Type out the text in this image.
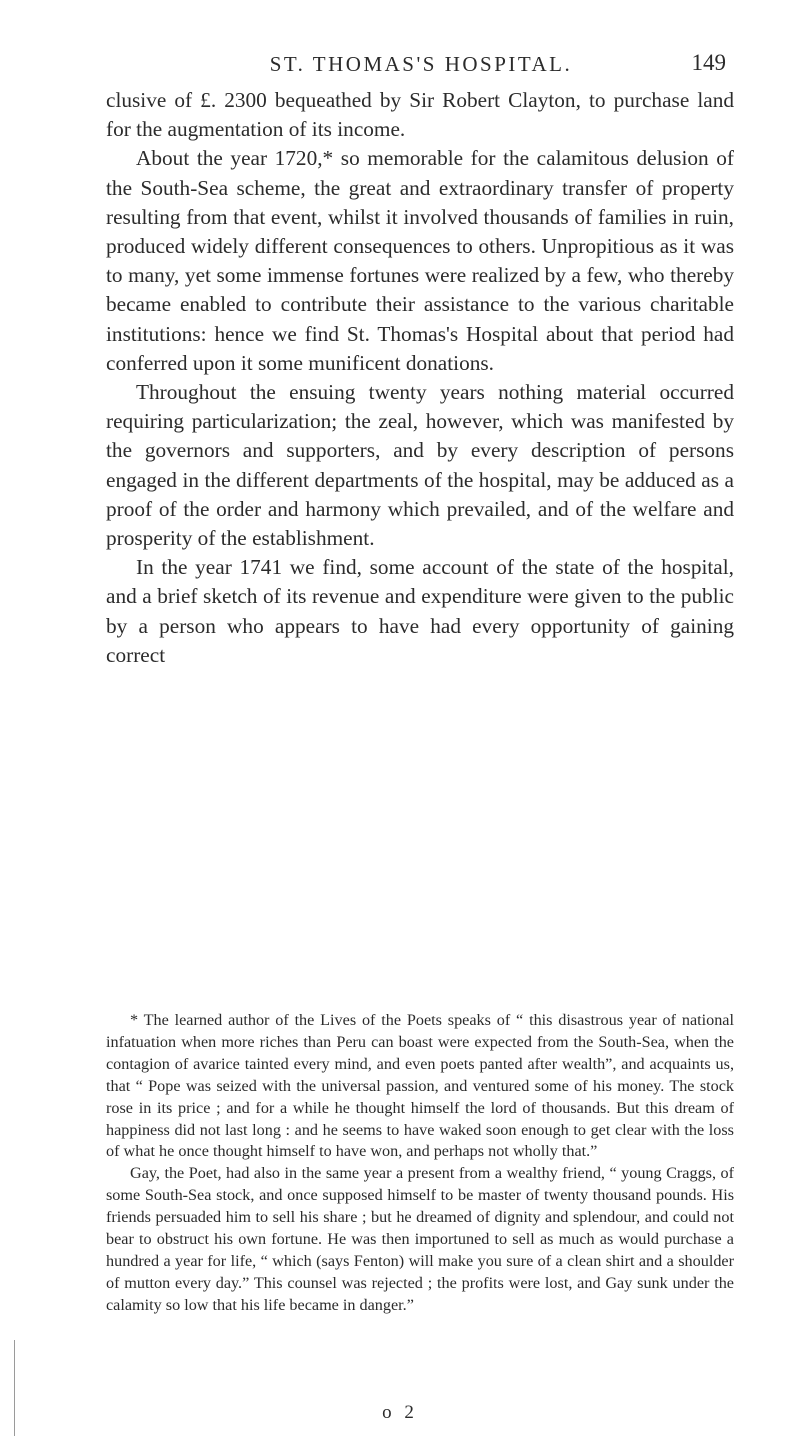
ST. THOMAS'S HOSPITAL.	149

clusive of £. 2300 bequeathed by Sir Robert Clayton, to purchase land for the augmentation of its income.

About the year 1720,* so memorable for the calamitous delusion of the South-Sea scheme, the great and extraordinary transfer of property resulting from that event, whilst it involved thousands of families in ruin, produced widely different consequences to others. Unpropitious as it was to many, yet some immense fortunes were realized by a few, who thereby became enabled to contribute their assistance to the various charitable institutions: hence we find St. Thomas's Hospital about that period had conferred upon it some munificent donations.

Throughout the ensuing twenty years nothing material occurred requiring particularization; the zeal, however, which was manifested by the governors and supporters, and by every description of persons engaged in the different departments of the hospital, may be adduced as a proof of the order and harmony which prevailed, and of the welfare and prosperity of the establishment.

In the year 1741 we find, some account of the state of the hospital, and a brief sketch of its revenue and expenditure were given to the public by a person who appears to have had every opportunity of gaining correct

* The learned author of the Lives of the Poets speaks of “ this disastrous year of national infatuation when more riches than Peru can boast were expected from the South-Sea, when the contagion of avarice tainted every mind, and even poets panted after wealth”, and acquaints us, that “ Pope was seized with the universal passion, and ventured some of his money. The stock rose in its price ; and for a while he thought himself the lord of thousands. But this dream of happiness did not last long : and he seems to have waked soon enough to get clear with the loss of what he once thought himself to have won, and perhaps not wholly that.”

Gay, the Poet, had also in the same year a present from a wealthy friend, “ young Craggs, of some South-Sea stock, and once supposed himself to be master of twenty thousand pounds. His friends persuaded him to sell his share ; but he dreamed of dignity and splendour, and could not bear to obstruct his own fortune. He was then importuned to sell as much as would purchase a hundred a year for life, “ which (says Fenton) will make you sure of a clean shirt and a shoulder of mutton every day.” This counsel was rejected ; the profits were lost, and Gay sunk under the calamity so low that his life became in danger.”

o 2
